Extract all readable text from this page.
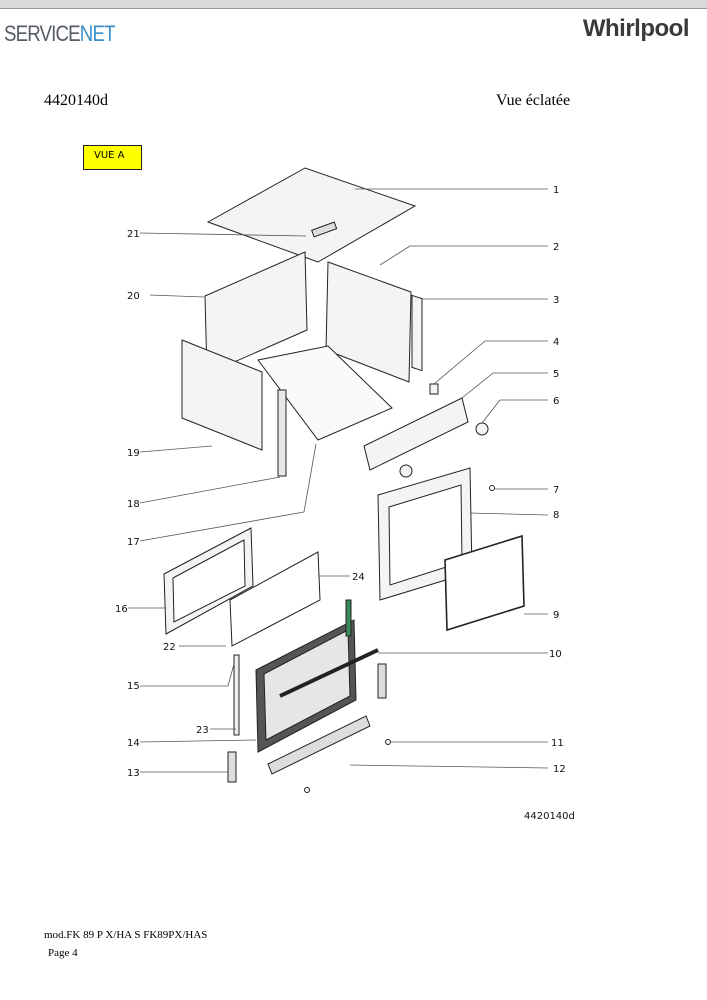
SERVICENET	Whirlpool
4420140d	Vue éclatée
VUE A
1
2
3
4
5
6
7
8
9
10
11
12
13
14
15
16
17
18
19
20
21
22
23
24
4420140d
mod.FK 89 P X/HA S FK89PX/HAS
Page 4
